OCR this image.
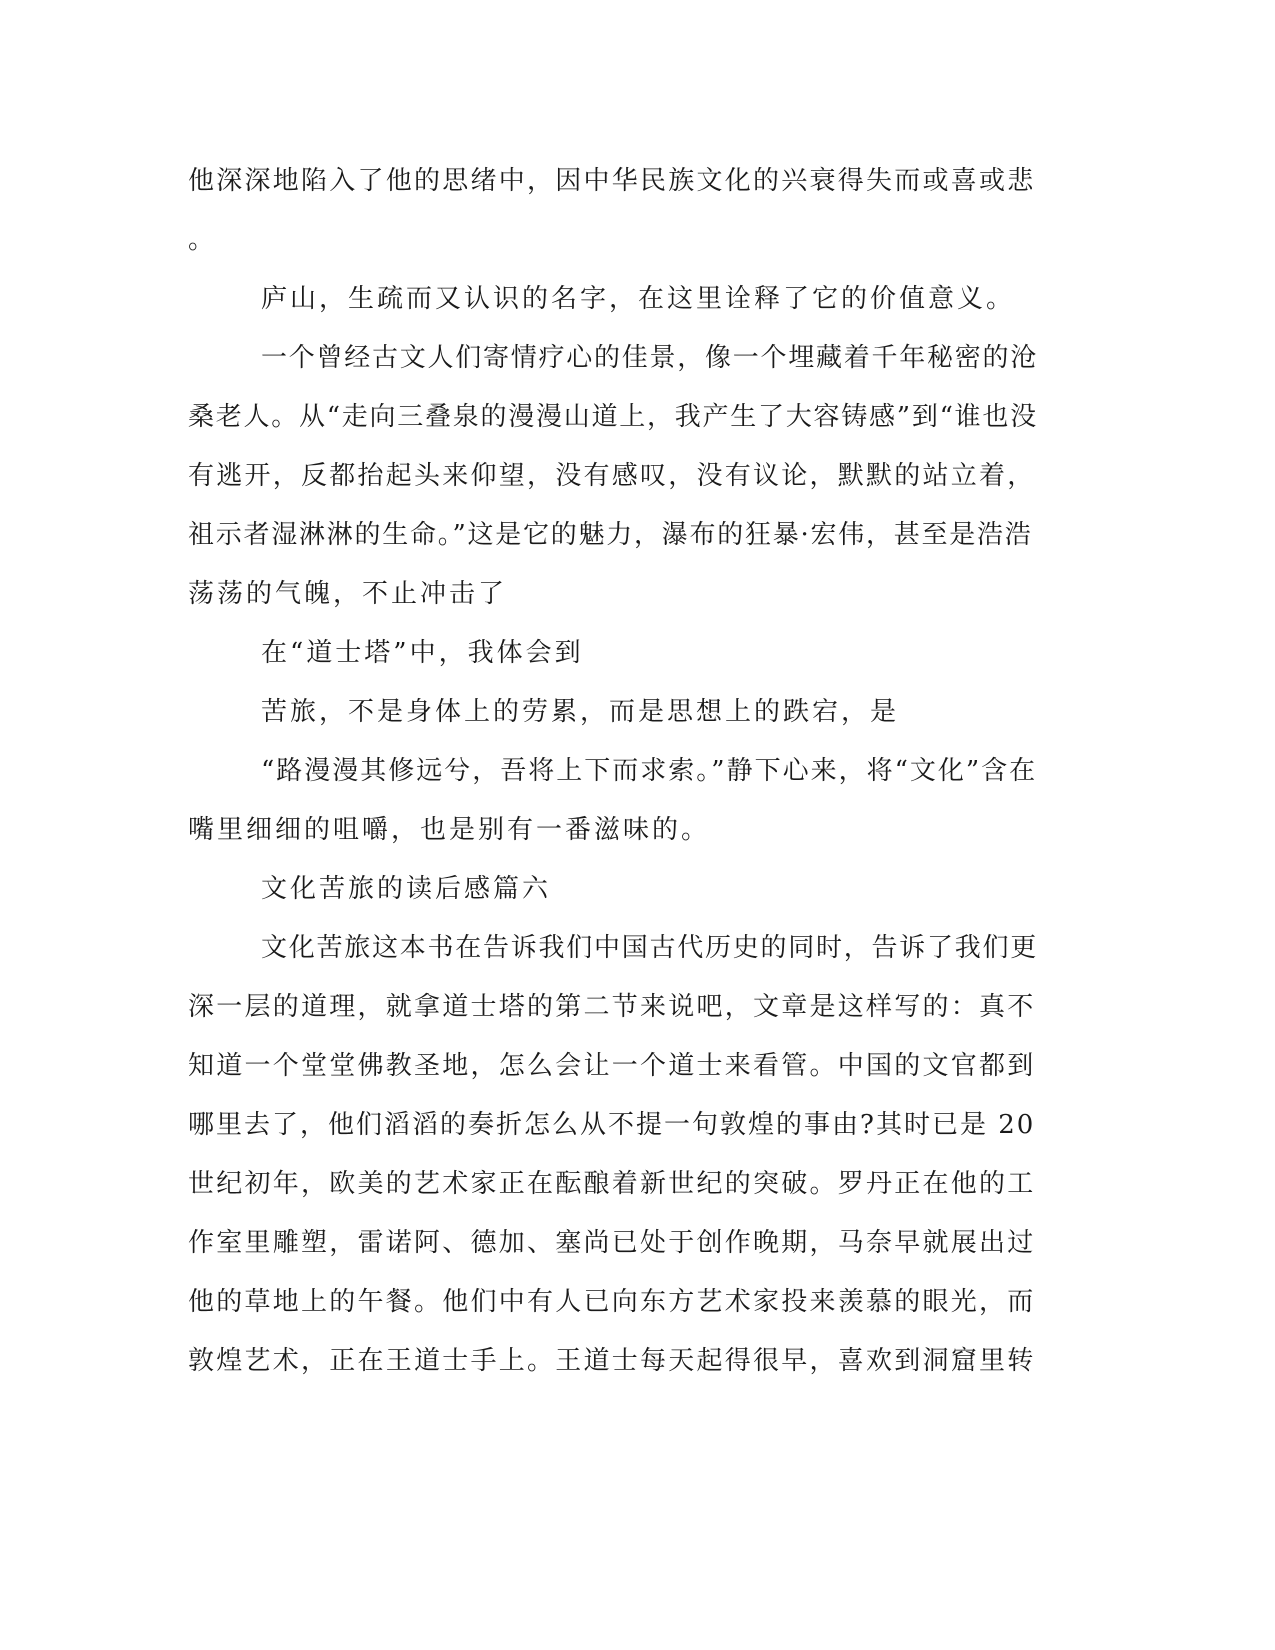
他深深地陷入了他的思绪中，因中华民族文化的兴衰得失而或喜或悲
。
庐山，生疏而又认识的名字，在这里诠释了它的价值意义。
一个曾经古文人们寄情疗心的佳景，像一个埋藏着千年秘密的沧
桑老人。从“走向三叠泉的漫漫山道上，我产生了大容铸感”到“谁也没
有逃开，反都抬起头来仰望，没有感叹，没有议论，默默的站立着，
祖示者湿淋淋的生命。”这是它的魅力，瀑布的狂暴·宏伟，甚至是浩浩
荡荡的气魄，不止冲击了
在“道士塔”中，我体会到
苦旅，不是身体上的劳累，而是思想上的跌宕，是
“路漫漫其修远兮，吾将上下而求索。”静下心来，将“文化”含在
嘴里细细的咀嚼，也是别有一番滋味的。
文化苦旅的读后感篇六
文化苦旅这本书在告诉我们中国古代历史的同时，告诉了我们更
深一层的道理，就拿道士塔的第二节来说吧，文章是这样写的：真不
知道一个堂堂佛教圣地，怎么会让一个道士来看管。中国的文官都到
哪里去了，他们滔滔的奏折怎么从不提一句敦煌的事由?其时已是 20
世纪初年，欧美的艺术家正在酝酿着新世纪的突破。罗丹正在他的工
作室里雕塑，雷诺阿、德加、塞尚已处于创作晚期，马奈早就展出过
他的草地上的午餐。他们中有人已向东方艺术家投来羡慕的眼光，而
敦煌艺术，正在王道士手上。王道士每天起得很早，喜欢到洞窟里转
